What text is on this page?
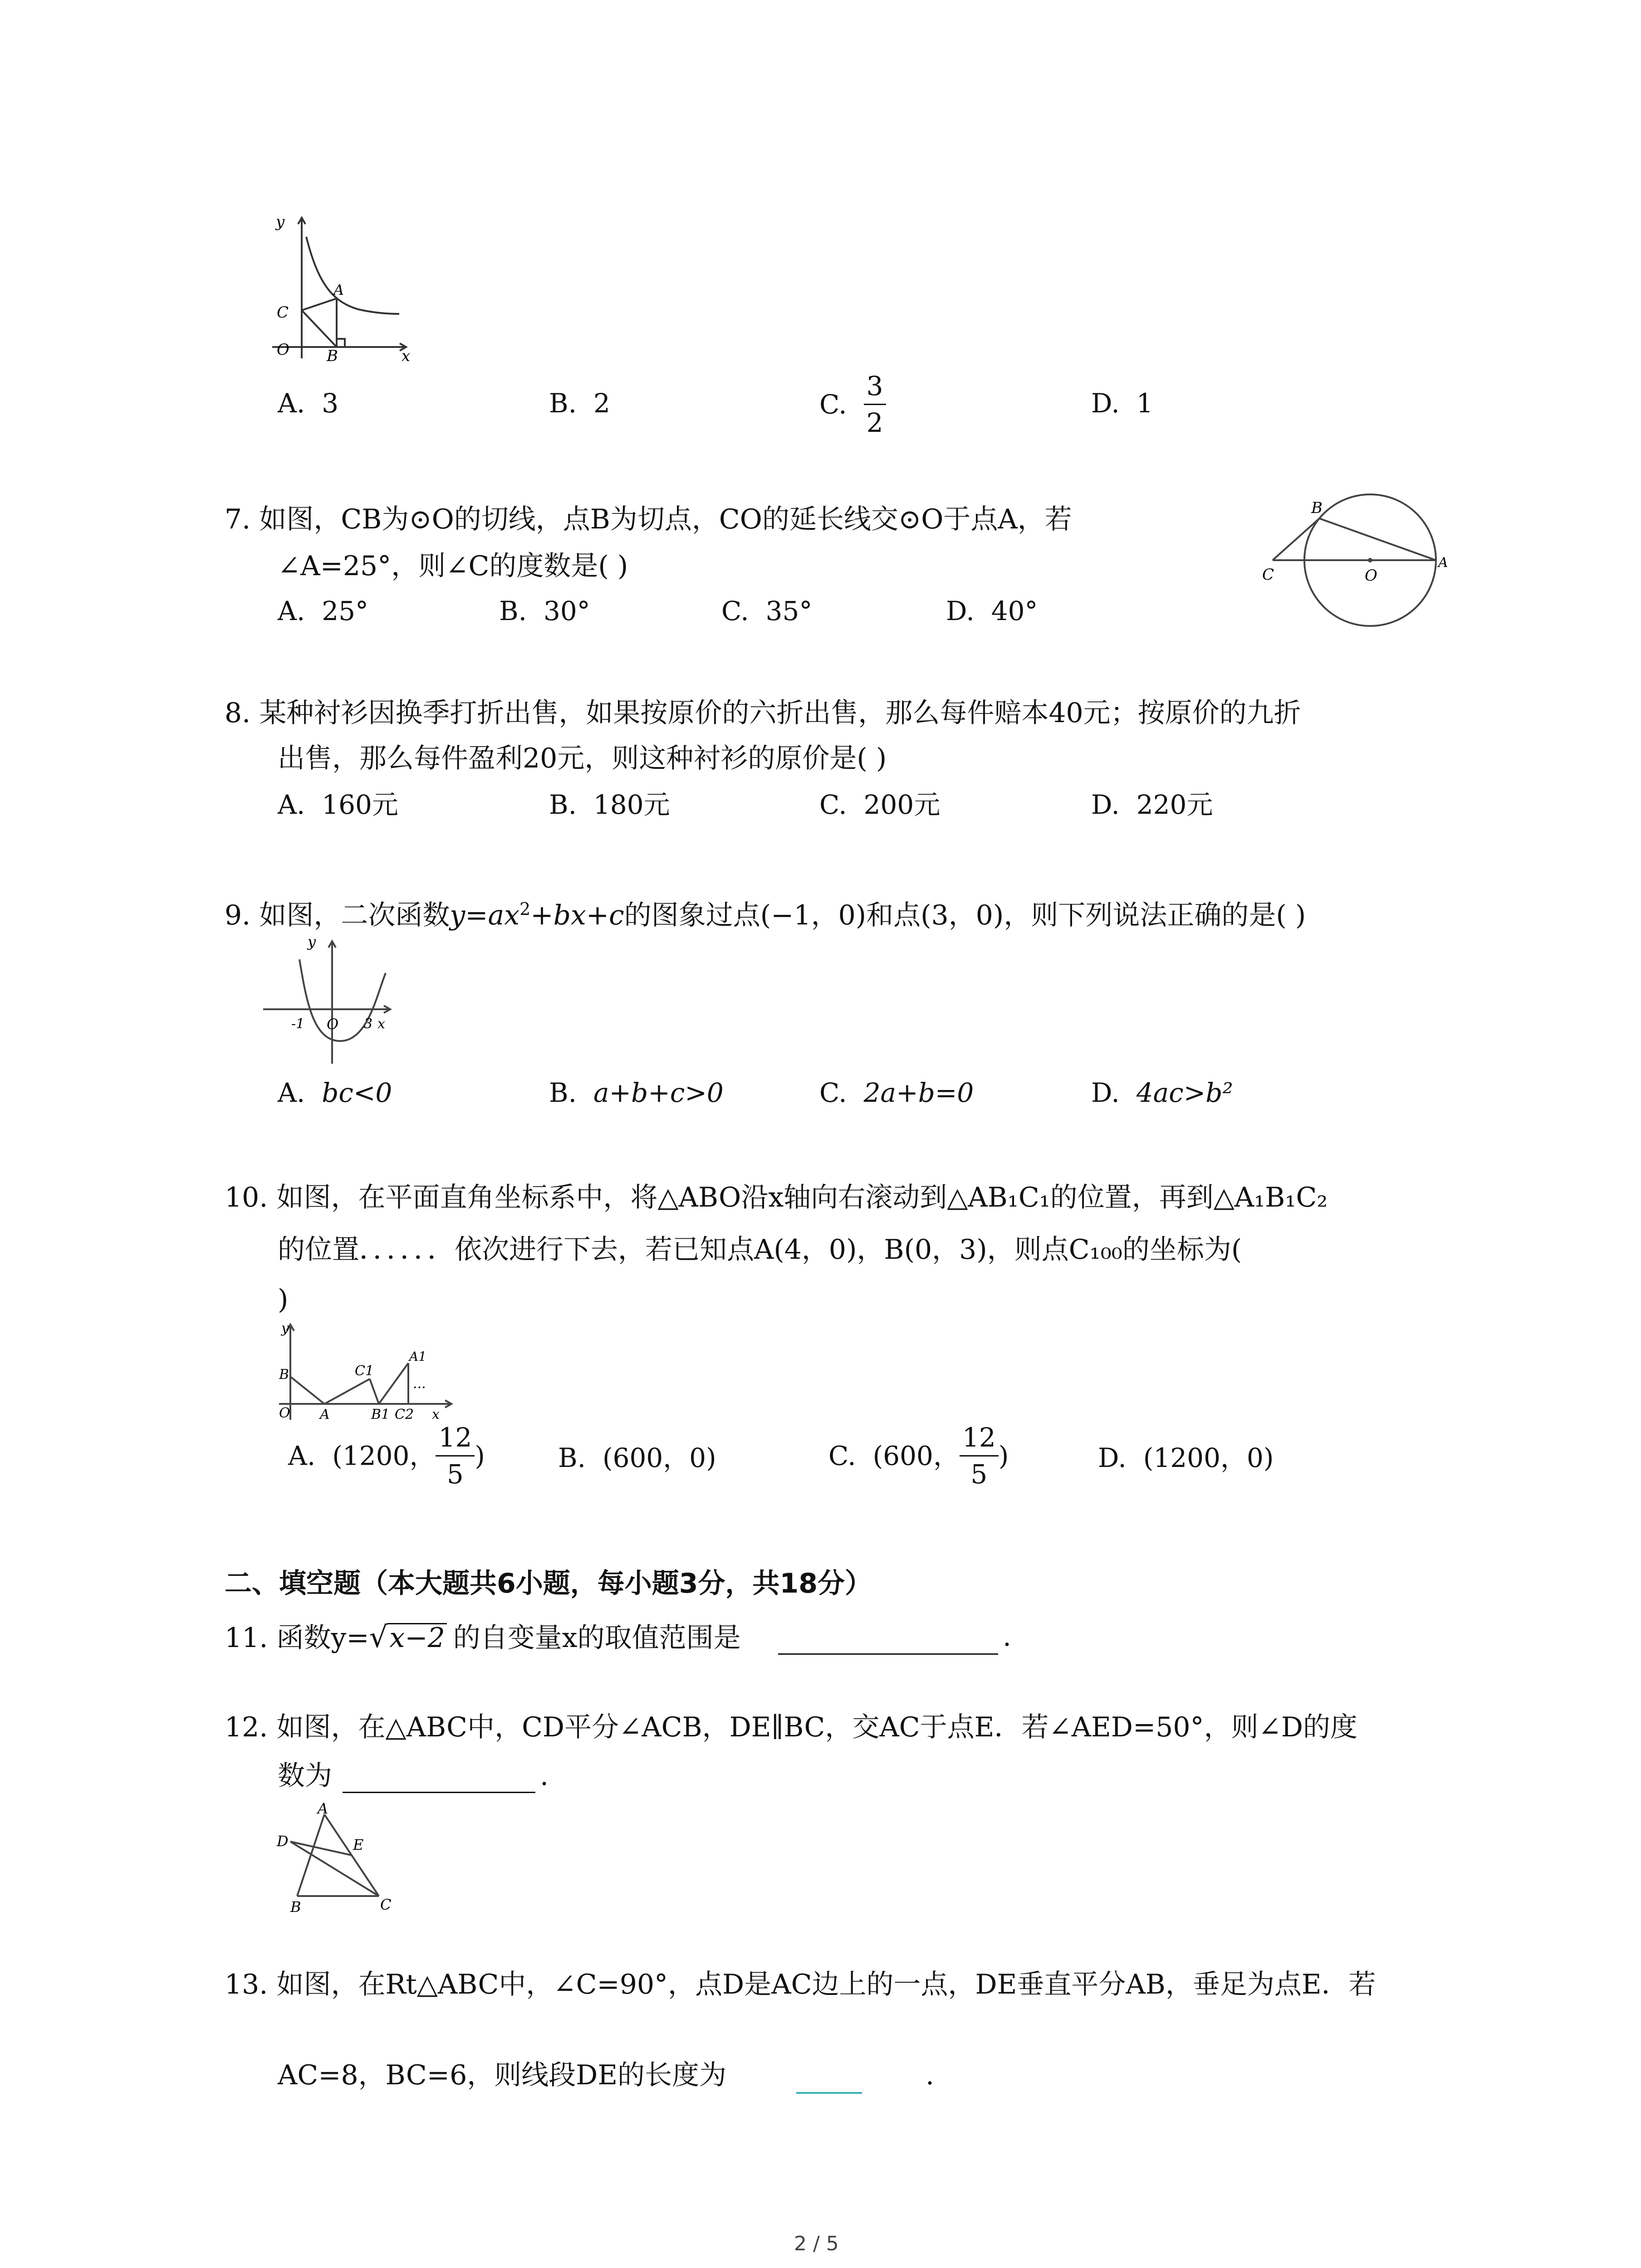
y
A
C
O B	x
A. 3	B. 2	C. $\frac{3}{2}$	D. 1
7. 如图，CB为⊙O的切线，点B为切点，CO的延长线交⊙O于点A，若
∠A=25°，则∠C的度数是( )
B
C	O
A
A. 25°	B. 30°	C. 35°	D. 40°
8. 某种衬衫因换季打折出售，如果按原价的六折出售，那么每件赔本40元；按原价的九折
出售，那么每件盈利20元，则这种衬衫的原价是( )
A. 160元	B. 180元	C. 200元	D. 220元
9. 如图，二次函数$y=ax^2+bx+c$的图象过点(−1，0)和点(3，0)，则下列说法正确的是( )
y
-1 O 3 x
A. bc<0	B. a+b+c>0	C. 2a+b=0	D. 4ac>b²
10. 如图，在平面直角坐标系中，将△ABO沿x轴向右滚动到△AB₁C₁的位置，再到△A₁B₁C₂
的位置．．．．．．依次进行下去，若已知点A(4，0)，B(0，3)，则点C₁₀₀的坐标为(
)
y
B
O A
C1
B1 C2
A1
...
x
A. (1200， $\frac{12}{5}$ )	B. (600，0)	C. (600， $\frac{12}{5}$ )	D. (1200，0)
二、填空题（本大题共6小题，每小题3分，共18分）
11. 函数y=√x−2 的自变量x的取值范围是	.
12. 如图，在△ABC中，CD平分∠ACB，DE∥BC，交AC于点E．若∠AED=50°，则∠D的度
数为	.
A
D	E
B	C
13. 如图，在Rt△ABC中，∠C=90°，点D是AC边上的一点，DE垂直平分AB，垂足为点E．若
AC=8，BC=6，则线段DE的长度为	.
2 / 5
